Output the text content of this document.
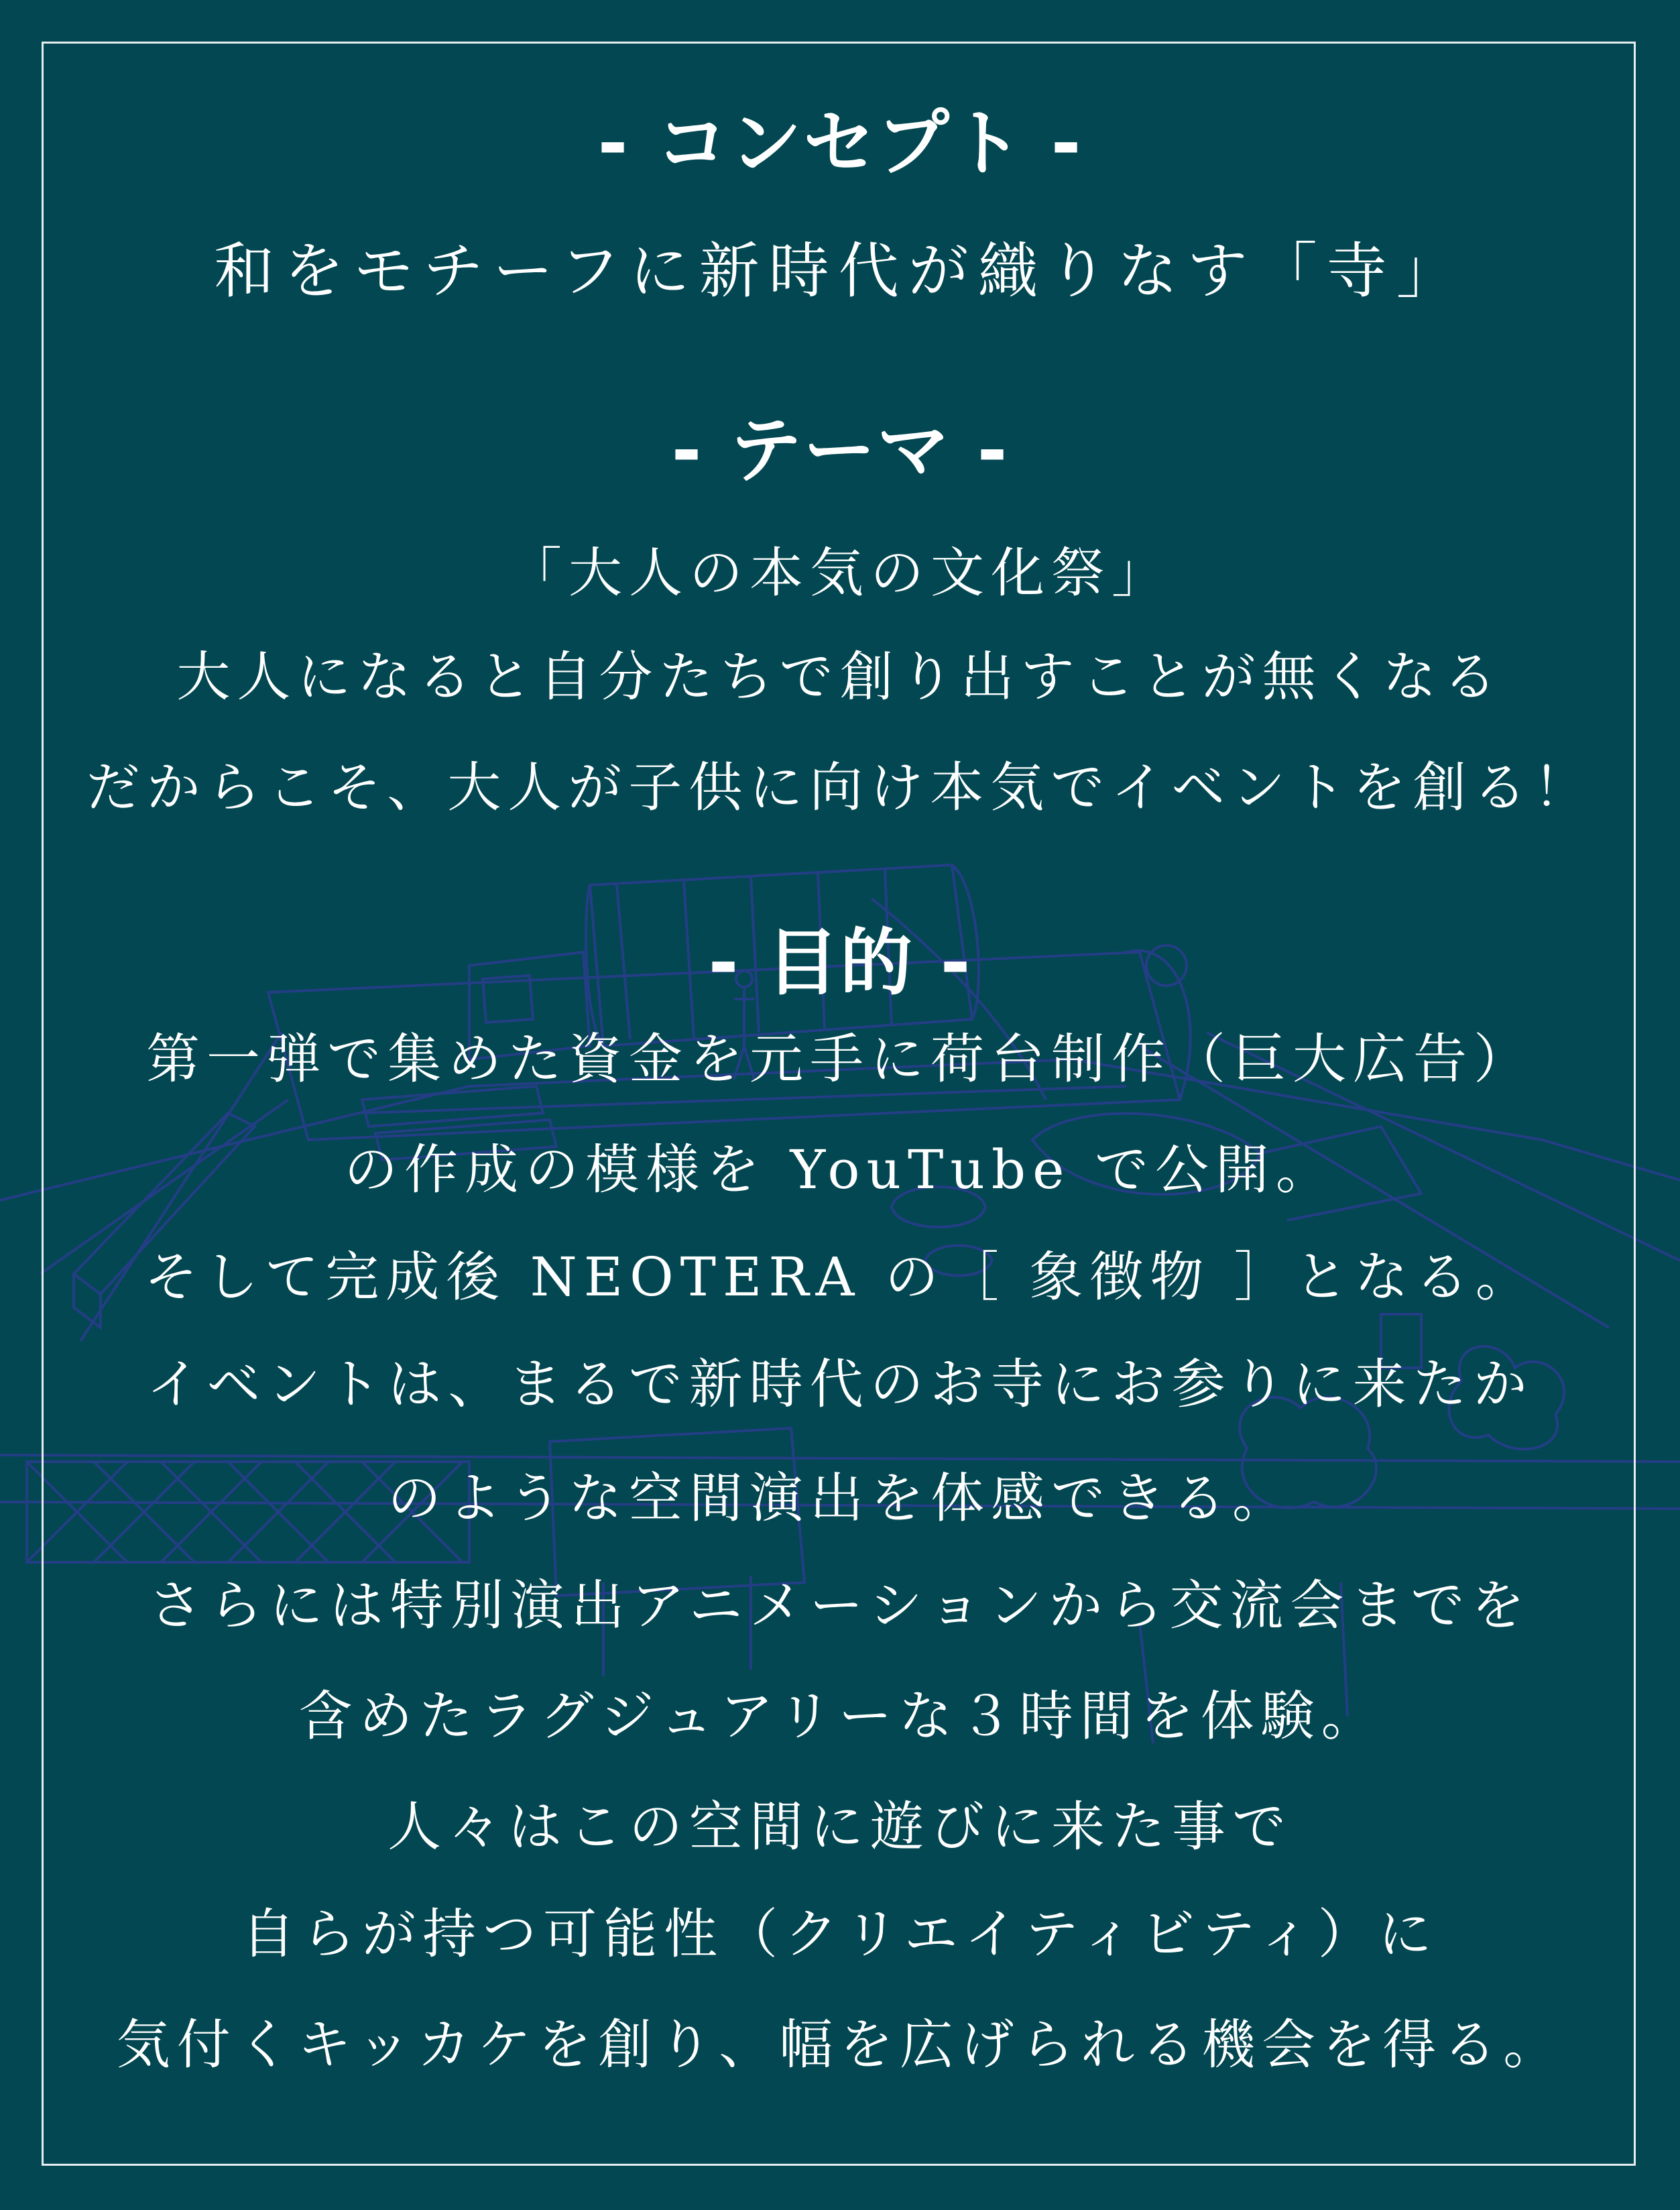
- コンセプト -
和をモチーフに新時代が織りなす「寺」
- テーマ -
「大人の本気の文化祭」
大人になると自分たちで創り出すことが無くなる
だからこそ、大人が子供に向け本気でイベントを創る！
- 目的 -
第一弾で集めた資金を元手に荷台制作（巨大広告）
の作成の模様を YouTube で公開。
そして完成後 NEOTERA の［ 象徴物 ］となる。
イベントは、まるで新時代のお寺にお参りに来たか
のような空間演出を体感できる。
さらには特別演出アニメーションから交流会までを
含めたラグジュアリーな３時間を体験。
人々はこの空間に遊びに来た事で
自らが持つ可能性（クリエイティビティ）に
気付くキッカケを創り、幅を広げられる機会を得る。
